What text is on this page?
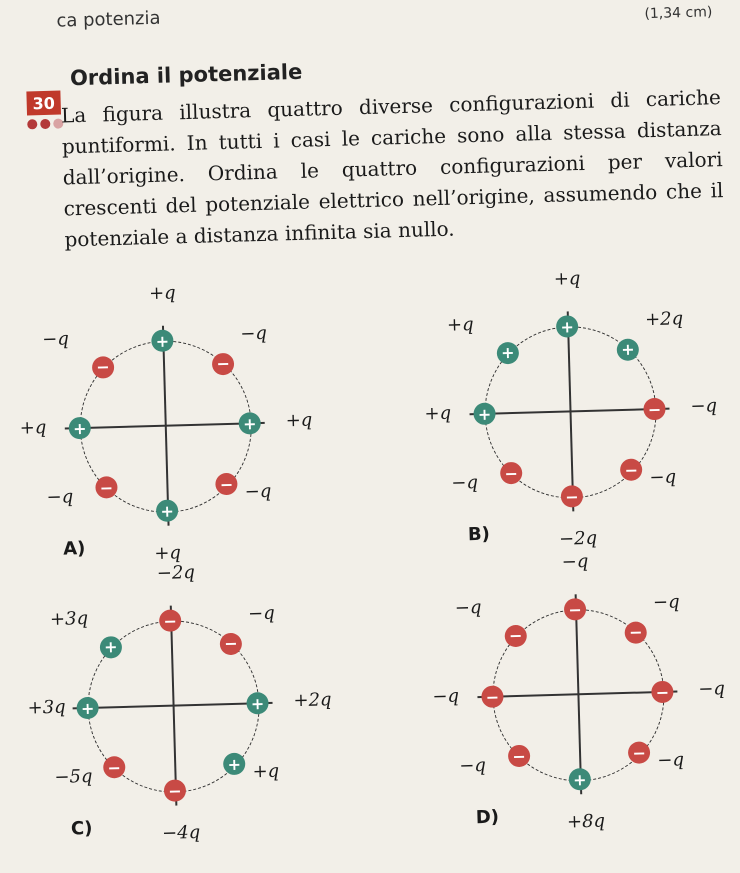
ca potenzia	(1,34 cm)
30
Ordina il potenziale

La figura illustra quattro diverse configurazioni di cariche puntiformi. In tutti i casi le cariche sono alla stessa distanza dall’origine. Ordina le quattro configurazioni per valori crescenti del potenziale elettrico nell’origine, assumendo che il potenziale a distanza infinita sia nullo.

+
+q
−
−q
+ +q
− −q
+
+q
−
−q
+
+q
−
−q
A)
+
+q
+
+2q
− −q
− −q
−
−2q
−
−q
+
+q
+
+q
B)
−
−2q
−
−q
+ +2q
+ +q
−
−4q
−
−5q
+
+3q
+
+3q
C)
−
−q
−
−q
− −q
− −q
+
+8q
−
−q
−
−q
−
−q
D)
